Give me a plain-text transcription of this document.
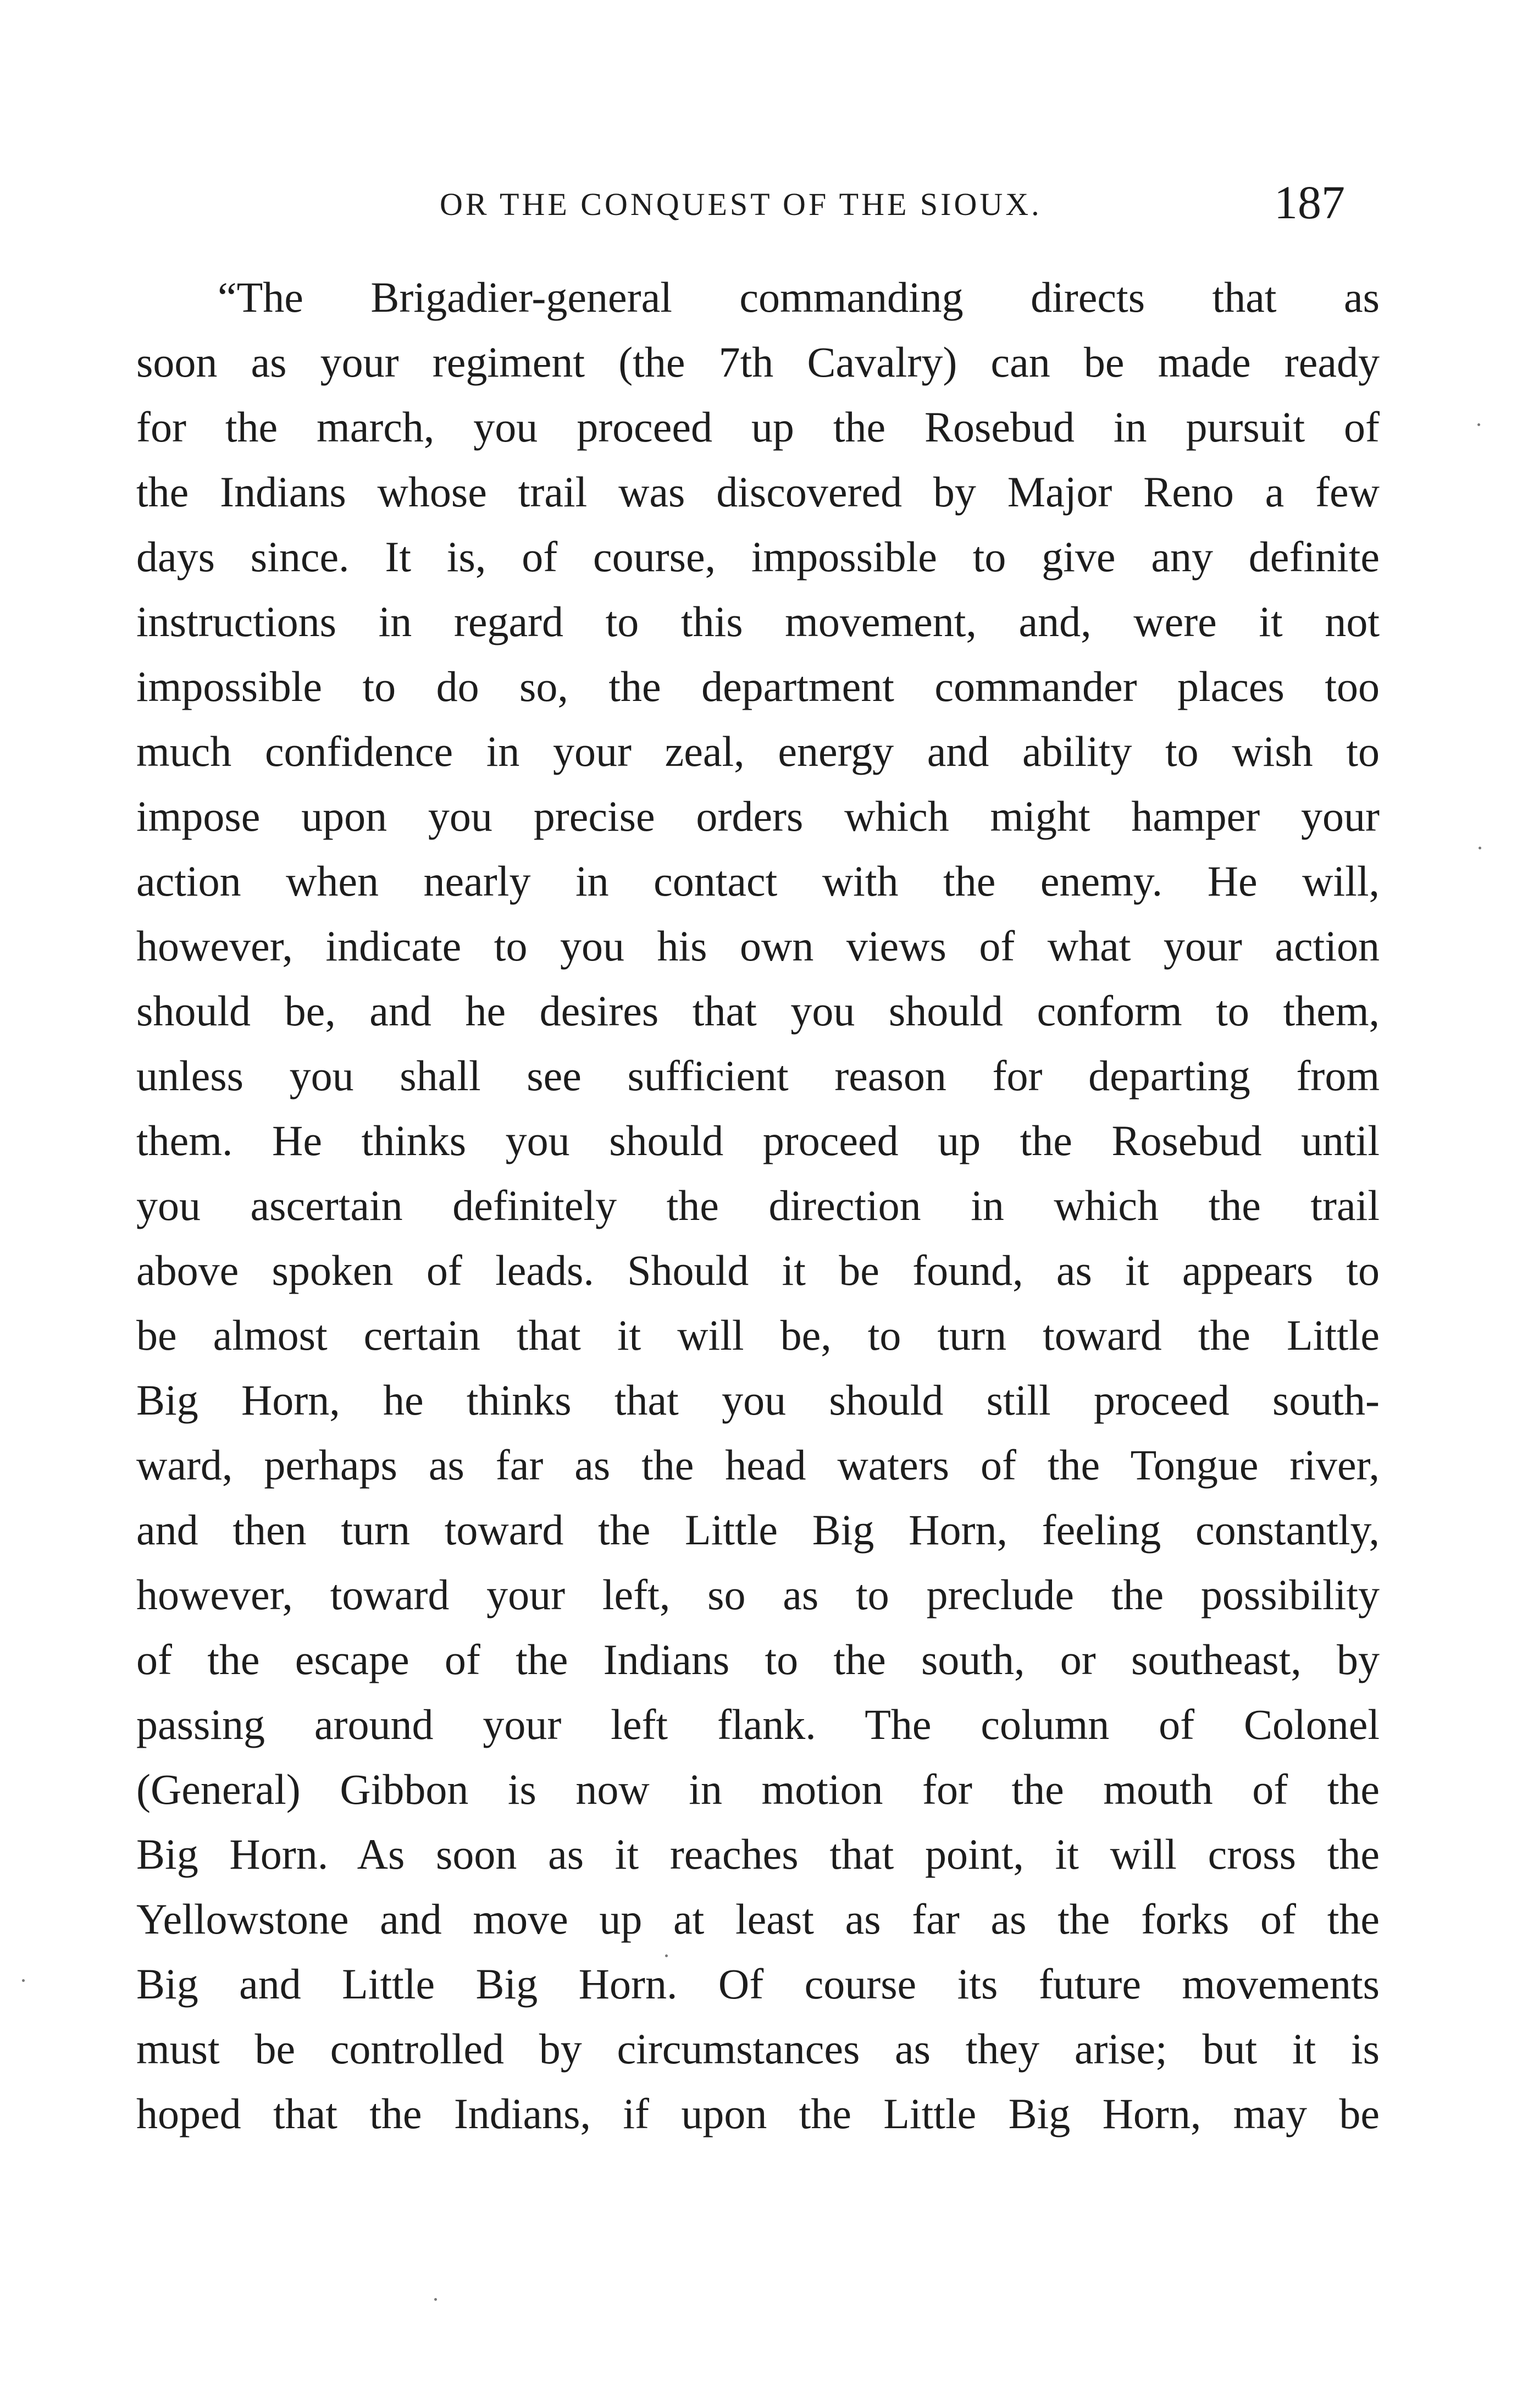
OR THE CONQUEST OF THE SIOUX.	187
“The Brigadier-general commanding directs that as
soon as your regiment (the 7th Cavalry) can be made ready
for the march, you proceed up the Rosebud in pursuit of
the Indians whose trail was discovered by Major Reno a few
days since. It is, of course, impossible to give any definite
instructions in regard to this movement, and, were it not
impossible to do so, the department commander places too
much confidence in your zeal, energy and ability to wish to
impose upon you precise orders which might hamper your
action when nearly in contact with the enemy. He will,
however, indicate to you his own views of what your action
should be, and he desires that you should conform to them,
unless you shall see sufficient reason for departing from
them. He thinks you should proceed up the Rosebud until
you ascertain definitely the direction in which the trail
above spoken of leads. Should it be found, as it appears to
be almost certain that it will be, to turn toward the Little
Big Horn, he thinks that you should still proceed south-
ward, perhaps as far as the head waters of the Tongue river,
and then turn toward the Little Big Horn, feeling constantly,
however, toward your left, so as to preclude the possibility
of the escape of the Indians to the south, or southeast, by
passing around your left flank. The column of Colonel
(General) Gibbon is now in motion for the mouth of the
Big Horn. As soon as it reaches that point, it will cross the
Yellowstone and move up at least as far as the forks of the
Big and Little Big Horn. Of course its future movements
must be controlled by circumstances as they arise; but it is
hoped that the Indians, if upon the Little Big Horn, may be
